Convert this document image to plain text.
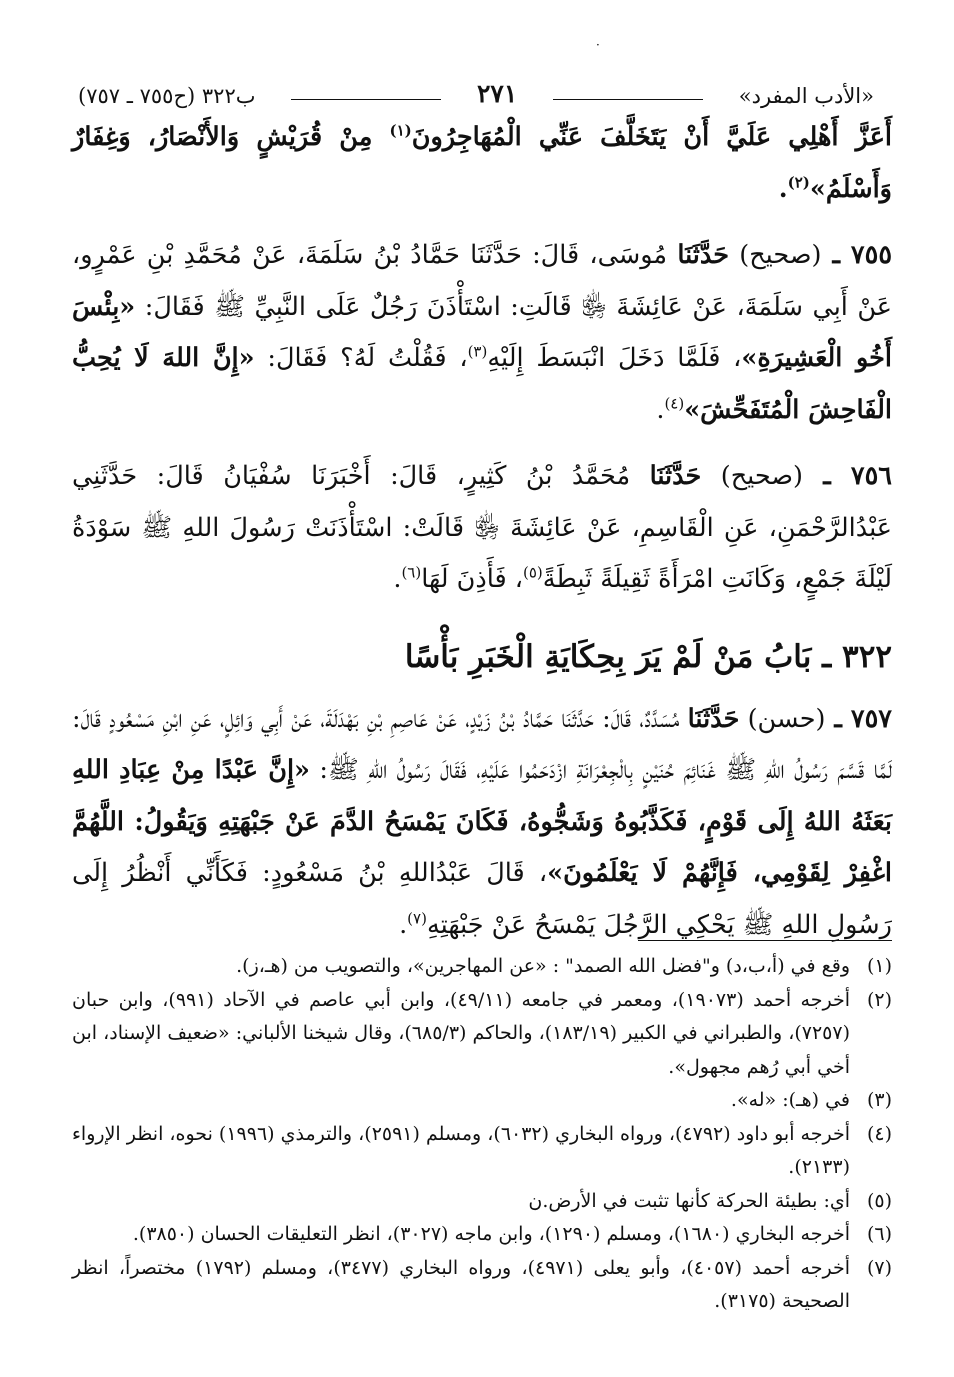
·
«الأدب المفرد»
٢٧١
ب٣٢٢ (ح٧٥٥ ـ ٧٥٧)

أَعَزَّ أَهْلِي عَلَيَّ أَنْ يَتَخَلَّفَ عَنِّي الْمُهَاجِرُونَ$^{(١)}$ مِنْ قُرَيْشٍ وَالأَنْصَارُ، وَغِفَارٌ وَأَسْلَمُ»$^{(٢)}$.

٧٥٥ ـ (صحيح) حَدَّثَنَا مُوسَى، قَالَ: حَدَّثَنَا حَمَّادُ بْنُ سَلَمَةَ، عَنْ مُحَمَّدِ بْنِ عَمْرٍو، عَنْ أَبِي سَلَمَةَ، عَنْ عَائِشَةَ ﵂ قَالَتِ: اسْتَأْذَنَ رَجُلٌ عَلَى النَّبِيِّ ﷺ فَقَالَ: «بِئْسَ أَخُو الْعَشِيرَةِ»، فَلَمَّا دَخَلَ انْبَسَطَ إِلَيْهِ$^{(٣)}$، فَقُلْتُ لَهُ؟ فَقَالَ: «إِنَّ اللهَ لَا يُحِبُّ الْفَاحِشَ الْمُتَفَحِّشَ»$^{(٤)}$.

٧٥٦ ـ (صحيح) حَدَّثَنَا مُحَمَّدُ بْنُ كَثِيرٍ، قَالَ: أَخْبَرَنَا سُفْيَانُ قَالَ: حَدَّثَنِي عَبْدُالرَّحْمَنِ، عَنِ الْقَاسِمِ، عَنْ عَائِشَةَ ﵂ قَالَتْ: اسْتَأْذَنَتْ رَسُولَ اللهِ ﷺ سَوْدَةُ لَيْلَةَ جَمْعٍ، وَكَانَتِ امْرَأَةً ثَقِيلَةً ثَبِطَةً$^{(٥)}$، فَأَذِنَ لَهَا$^{(٦)}$.

٣٢٢ ـ بَابُ مَنْ لَمْ يَرَ بِحِكَايَةِ الْخَبَرِ بَأْسًا

٧٥٧ ـ (حسن) حَدَّثَنَا مُسَدَّدٌ، قَالَ: حَدَّثَنَا حَمَّادُ بْنُ زَيْدٍ، عَنْ عَاصِمِ بْنِ بَهْدَلَةَ، عَنْ أَبِي وَائِلٍ، عَنِ ابْنِ مَسْعُودٍ قَالَ: لَمَّا قَسَّمَ رَسُولُ اللهِ ﷺ غَنَائِمَ حُنَيْنٍ بِالْجِعْرَانَةِ ازْدَحَمُوا عَلَيْهِ، فَقَالَ رَسُولُ اللهِ ﷺ: «إِنَّ عَبْدًا مِنْ عِبَادِ اللهِ بَعَثَهُ اللهُ إِلَى قَوْمٍ، فَكَذَّبُوهُ وَشَجُّوهُ، فَكَانَ يَمْسَحُ الدَّمَ عَنْ جَبْهَتِهِ وَيَقُولُ: اللَّهُمَّ اغْفِرْ لِقَوْمِي، فَإِنَّهُمْ لَا يَعْلَمُونَ»، قَالَ عَبْدُاللهِ بْنُ مَسْعُودٍ: فَكَأَنِّي أَنْظُرُ إِلَى رَسُولِ اللهِ ﷺ يَحْكِي الرَّجُلَ يَمْسَحُ عَنْ جَبْهَتِهِ$^{(٧)}$.

(١)
وقع في (أ،ب،د) و"فضل الله الصمد" : «عن المهاجرين»، والتصويب من (هـ،ز).
(٢)
أخرجه أحمد (١٩٠٧٣)، ومعمر في جامعه (٤٩/١١)، وابن أبي عاصم في الآحاد (٩٩١)، وابن حبان (٧٢٥٧)، والطبراني في الكبير (١٨٣/١٩)، والحاكم (٦٨٥/٣)، وقال شيخنا الألباني: «ضعيف الإسناد، ابن أخي أبي رُهم مجهول».
(٣)
في (هـ): «له».
(٤)
أخرجه أبو داود (٤٧٩٢)، ورواه البخاري (٦٠٣٢)، ومسلم (٢٥٩١)، والترمذي (١٩٩٦) نحوه، انظر الإرواء (٢١٣٣).
(٥)
أي: بطيئة الحركة كأنها تثبت في الأرض.ن
(٦)
أخرجه البخاري (١٦٨٠)، ومسلم (١٢٩٠)، وابن ماجه (٣٠٢٧)، انظر التعليقات الحسان (٣٨٥٠).
(٧)
أخرجه أحمد (٤٠٥٧)، وأبو يعلى (٤٩٧١)، ورواه البخاري (٣٤٧٧)، ومسلم (١٧٩٢) مختصراً، انظر الصحيحة (٣١٧٥).
